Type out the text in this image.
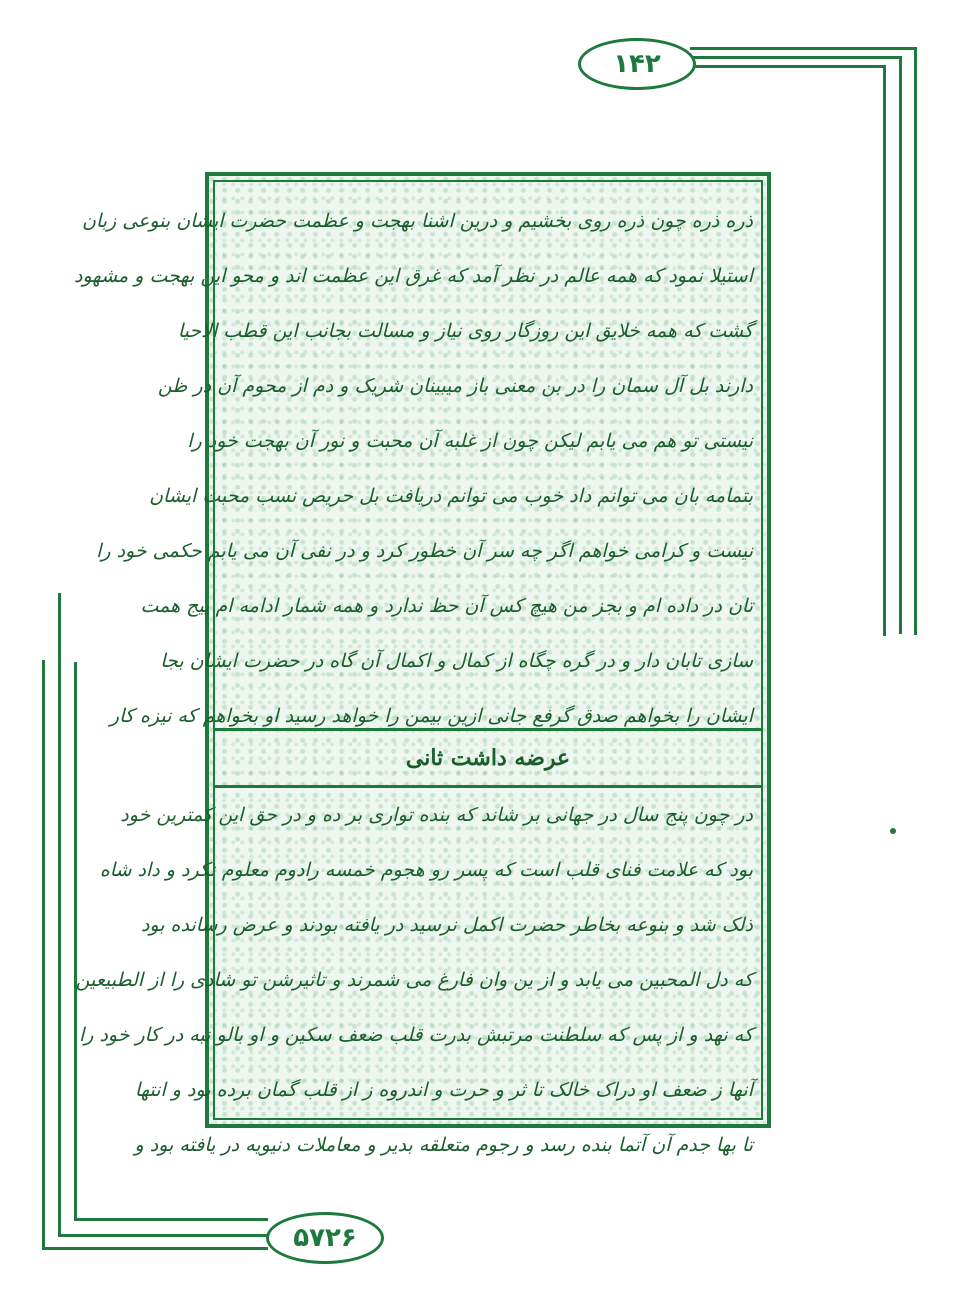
۱۴۲
۵۷۲۶
ذره ذره چون ذره روی بخشیم و درین اشنا بهجت و عظمت حضرت ایشان بنوعی زبان
استیلا نمود که همه عالم در نظر آمد که غرق این عظمت اند و محو این بهجت و مشهود
گشت که همه خلایق این روزگار روی نیاز و مسالت بجانب این قطب الاحیا
دارند بل آل سمان را در بن معنی باز میبینان شریک و دم از محوم آن در ظن
نیستی تو هم می یابم لیکن چون از غلبه آن محبت و نور آن بهجت خود را
بتمامه بان می توانم داد خوب می توانم دریافت بل حریص نسب محبت ایشان
نیست و کرامی خواهم اگر چه سر آن خطور کرد و در نفی آن می یابم حکمی خود را
تان در داده ام و بجز من هیچ کس آن حظ ندارد و همه شمار ادامه ام پیج همت
سازی تابان دار و در گره چگاه از کمال و اکمال آن گاه در حضرت ایشان بجا
ایشان را بخواهم صدق گرفع جانی ازین بیمن را خواهد رسید او بخواهم که نیزه کار
عرضه داشت ثانی
در چون پنج سال در جهانی بر شاند که بنده تواری بر ده و در حق این کمترین خود
بود که علامت فنای قلب است که پسر رو هجوم خمسه رادوم معلوم نکرد و داد شاه
ذلک شد و بنوعه بخاطر حضرت اکمل نرسید در یافته بودند و عرض رسانده بود
که دل المحبین می یابد و از ین وان فارغ می شمرند و تاثیرشن تو شادی را از الطبیعین
که نهد و از پس که سلطنت مرتبش بدرت قلب ضعف سکین و او بالو نبه در کار خود را
آنها ز ضعف او دراک خالک تا ثر و حرت و اندروه ز از قلب گمان برده بود و انتها
تا بها جدم آن آتما بنده رسد و رجوم متعلقه بدیر و معاملات دنیویه در یافته بود و
